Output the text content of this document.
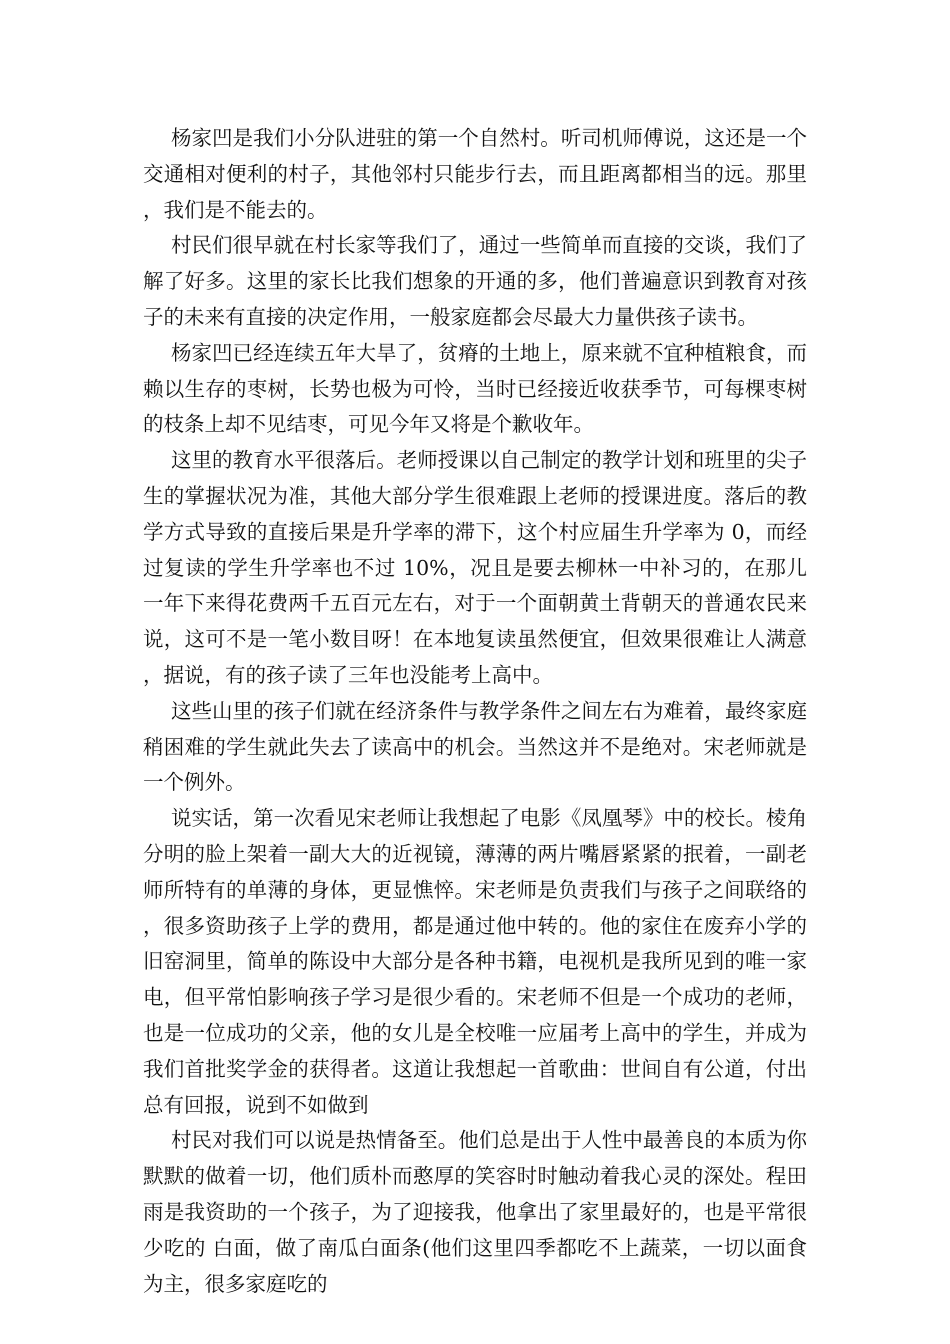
杨家凹是我们小分队进驻的第一个自然村。听司机师傅说，这还是一个交通相对便利的村子，其他邻村只能步行去，而且距离都相当的远。那里，我们是不能去的。

村民们很早就在村长家等我们了，通过一些简单而直接的交谈，我们了解了好多。这里的家长比我们想象的开通的多，他们普遍意识到教育对孩子的未来有直接的决定作用，一般家庭都会尽最大力量供孩子读书。

杨家凹已经连续五年大旱了，贫瘠的土地上，原来就不宜种植粮食，而赖以生存的枣树，长势也极为可怜，当时已经接近收获季节，可每棵枣树的枝条上却不见结枣，可见今年又将是个歉收年。

这里的教育水平很落后。老师授课以自己制定的教学计划和班里的尖子生的掌握状况为准，其他大部分学生很难跟上老师的授课进度。落后的教学方式导致的直接后果是升学率的滞下，这个村应届生升学率为 0，而经过复读的学生升学率也不过 10%，况且是要去柳林一中补习的，在那儿一年下来得花费两千五百元左右，对于一个面朝黄土背朝天的普通农民来说，这可不是一笔小数目呀！在本地复读虽然便宜，但效果很难让人满意，据说，有的孩子读了三年也没能考上高中。

这些山里的孩子们就在经济条件与教学条件之间左右为难着，最终家庭稍困难的学生就此失去了读高中的机会。当然这并不是绝对。宋老师就是一个例外。

说实话，第一次看见宋老师让我想起了电影《凤凰琴》中的校长。棱角分明的脸上架着一副大大的近视镜，薄薄的两片嘴唇紧紧的抿着，一副老师所特有的单薄的身体，更显憔悴。宋老师是负责我们与孩子之间联络的，很多资助孩子上学的费用，都是通过他中转的。他的家住在废弃小学的旧窑洞里，简单的陈设中大部分是各种书籍，电视机是我所见到的唯一家电，但平常怕影响孩子学习是很少看的。宋老师不但是一个成功的老师，也是一位成功的父亲，他的女儿是全校唯一应届考上高中的学生，并成为我们首批奖学金的获得者。这道让我想起一首歌曲：世间自有公道，付出总有回报，说到不如做到

村民对我们可以说是热情备至。他们总是出于人性中最善良的本质为你默默的做着一切，他们质朴而憨厚的笑容时时触动着我心灵的深处。程田雨是我资助的一个孩子，为了迎接我，他拿出了家里最好的，也是平常很少吃的 白面，做了南瓜白面条(他们这里四季都吃不上蔬菜，一切以面食为主，很多家庭吃的
